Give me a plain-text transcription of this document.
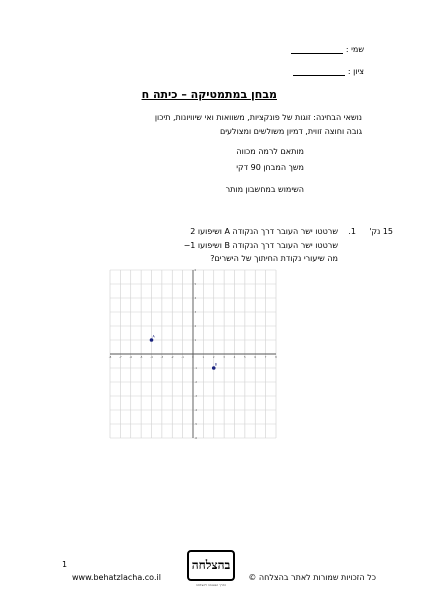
שמי :
ציון :
מבחן במתמטיקה – כיתה ח
נושאי הבחינה: זוגות של פונקציות, משוואות ואי שיוויונות, תיכון גובה וחוצה זווית, דמיון משולשים ומצולעים
מותאם לרמה מכווה
משך המבחן 90 דקי
השימוש במחשבון מותר
15 נק'
1.
שרטטו ישר העובר דרך הנקודה A ושיפועו 2
שרטטו ישר העובר דרך הנקודה B ושיפועו 1−
מה שיעורי נקודת החיתוך של הישרים?
-8	-7	-6	-5	-4	-3	-2	-1	0	1	2	3	4	5	6	7	8
6
5
4
3
2
1
-1
-2
-3
-4
-5
-6
A
B
1
www.behatzlacha.co.il
בהצלחה
הדרך הבטוחה להצלחה
כל הזכויות שמורות לאתר בהצלחה ©
